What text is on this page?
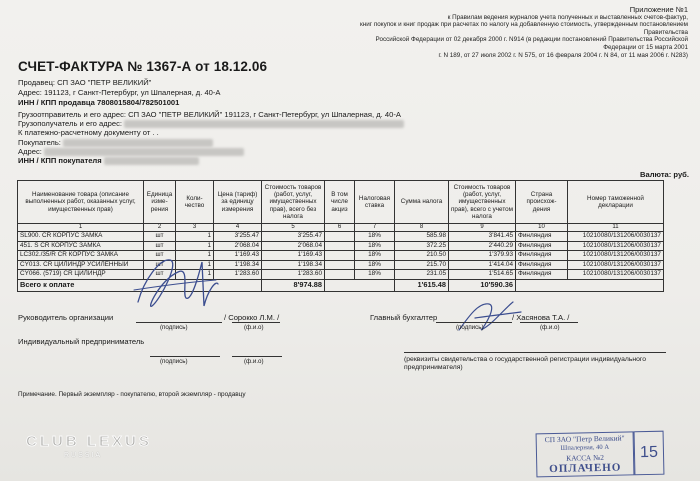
Приложение №1
к Правилам ведения журналов учета полученных и выставленных счетов-фактур,
книг покупок и книг продаж при расчетах по налогу на добавленную стоимость, утвержденным постановлением Правительства
Российской Федерации от 02 декабря 2000 г. N914 (в редакции постановлений Правительства Российской Федерации от 15 марта 2001
г. N 189, от 27 июля 2002 г. N 575, от 16 февраля 2004 г. N 84, от 11 мая 2006 г. N283)
СЧЕТ-ФАКТУРА № 1367-А от 18.12.06
Продавец: СП ЗАО "ПЕТР ВЕЛИКИЙ"
Адрес: 191123, г Санкт-Петербург, ул Шпалерная, д. 40-А
ИНН / КПП продавца 7808015804/782501001
Грузоотправитель и его адрес: СП ЗАО "ПЕТР ВЕЛИКИЙ" 191123, г Санкт-Петербург, ул Шпалерная, д. 40-А
Грузополучатель и его адрес:
К платежно-расчетному документу от . .
Покупатель:
Адрес:
ИНН / КПП покупателя
Валюта: руб.
Наименование товара (описание выполненных работ, оказанных услуг, имущественных прав)	Единица изме-рения	Коли-чество	Цена (тариф) за единицу измерения	Стоимость товаров (работ, услуг, имущественных прав), всего без налога	В том числе акциз	Налоговая ставка	Сумма налога	Стоимость товаров (работ, услуг, имущественных прав), всего с учетом налога	Страна происхож-дения	Номер таможенной декларации
1	2	3	4	5	6	7	8	9	10	11
SL900. CR КОРПУС ЗАМКА	шт	1	3'255.47	3'255.47		18%	585.98	3'841.45	Финляндия	10210080/131206/0030137
451. S CR КОРПУС ЗАМКА	шт	1	2'068.04	2'068.04		18%	372.25	2'440.29	Финляндия	10210080/131206/0030137
LC302./35/R CR КОРПУС ЗАМКА	шт	1	1'169.43	1'169.43		18%	210.50	1'379.93	Финляндия	10210080/131206/0030137
CY013. CR ЦИЛИНДР УСИЛЕННЫЙ	шт	1	1'198.34	1'198.34		18%	215.70	1'414.04	Финляндия	10210080/131206/0030137
CY066. (5719) CR ЦИЛИНДР	шт	1	1'283.60	1'283.60		18%	231.05	1'514.65	Финляндия	10210080/131206/0030137
Всего к оплате				8'974.88			1'615.48	10'590.36		
Руководитель организации	/ Сорокко Л.М. /
(подпись)	(ф.и.о)
Главный бухгалтер	/ Хасянова Т.А. /
(подпись)	(ф.и.о)
Индивидуальный предприниматель
(подпись)	(ф.и.о)	(реквизиты свидетельства о государственной регистрации индивидуального предпринимателя)
Примечание. Первый экземпляр - покупателю, второй экземпляр - продавцу
CLUB LEXUS
RUSSIA
СП ЗАО "Петр Великий"
Шпалерная, 40 А
КАССА №2
ОПЛАЧЕНО
15
